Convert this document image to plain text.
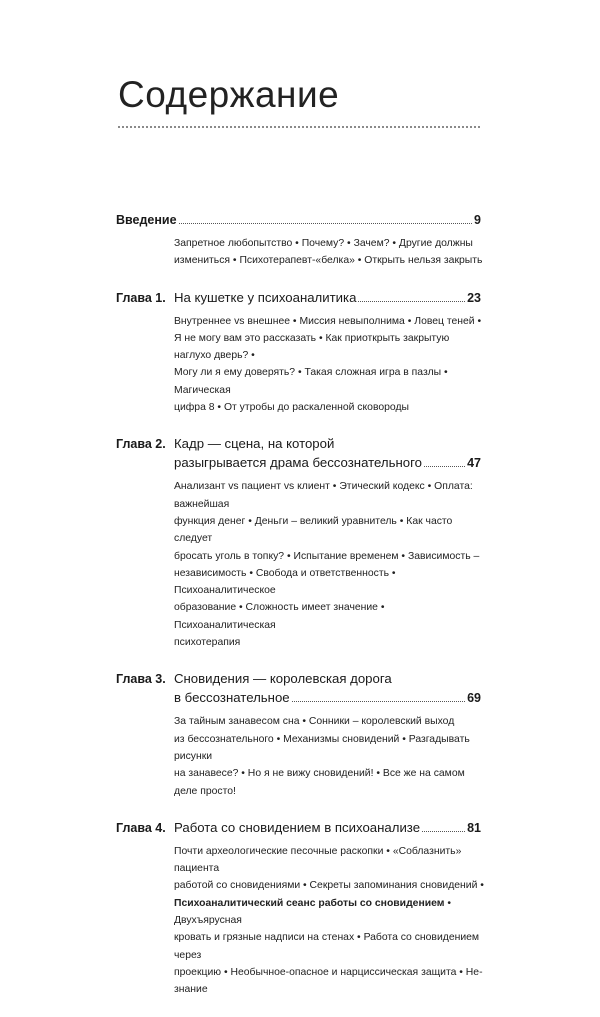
Содержание
Введение	9
Запретное любопытство • Почему? • Зачем? • Другие должны
измениться • Психотерапевт-«белка» • Открыть нельзя закрыть
Глава 1. На кушетке у психоаналитика	23
Внутреннее vs внешнее • Миссия невыполнима • Ловец теней •
Я не могу вам это рассказать • Как приоткрыть закрытую наглухо дверь? •
Могу ли я ему доверять? • Такая сложная игра в пазлы • Магическая
цифра 8 • От утробы до раскаленной сковороды
Глава 2. Кадр — сцена, на которой
разыгрывается драма бессознательного	47
Анализант vs пациент vs клиент • Этический кодекс • Оплата: важнейшая
функция денег • Деньги – великий уравнитель • Как часто следует
бросать уголь в топку? • Испытание временем • Зависимость –
независимость • Свобода и ответственность • Психоаналитическое
образование • Сложность имеет значение • Психоаналитическая
психотерапия
Глава 3. Сновидения — королевская дорога
в бессознательное	69
За тайным занавесом сна • Сонники – королевский выход
из бессознательного • Механизмы сновидений • Разгадывать рисунки
на занавесе? • Но я не вижу сновидений! • Все же на самом деле просто!
Глава 4. Работа со сновидением в психоанализе	81
Почти археологические песочные раскопки • «Соблазнить» пациента
работой со сновидениями • Секреты запоминания сновидений •
Психоаналитический сеанс работы со сновидением • Двухъярусная
кровать и грязные надписи на стенах • Работа со сновидением через
проекцию • Необычное-опасное и нарциссическая защита • Не-знание
